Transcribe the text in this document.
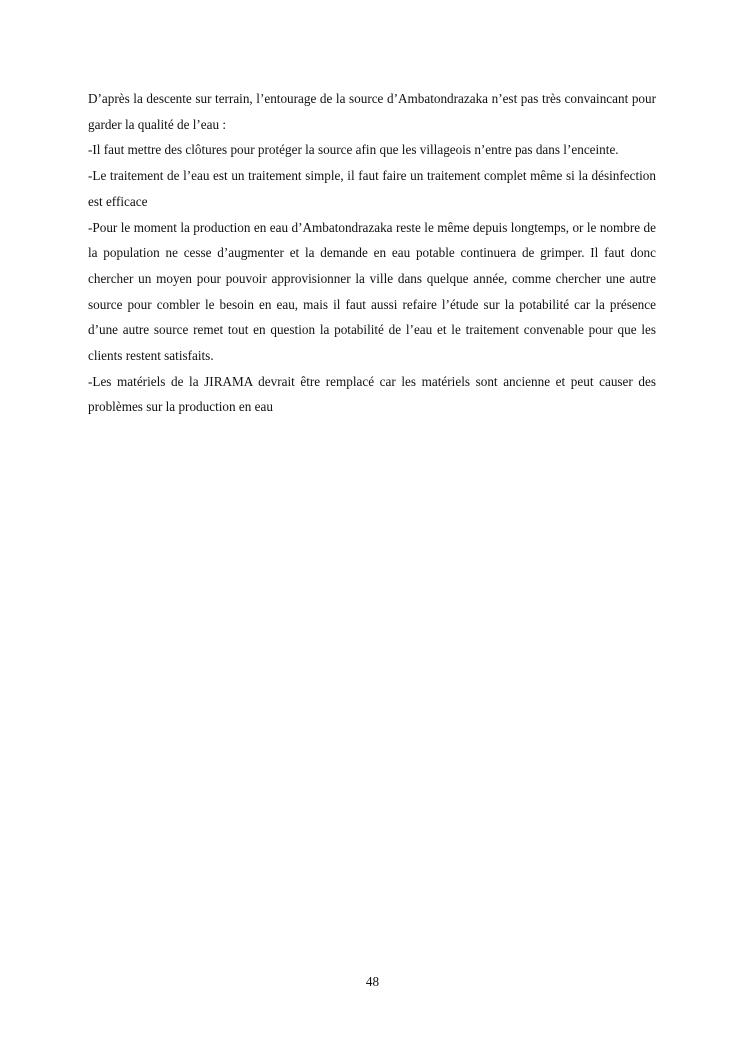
D’après la descente sur terrain, l’entourage de la source d’Ambatondrazaka n’est pas très convaincant pour garder la qualité de l’eau :

-Il faut mettre des clôtures pour protéger la source afin que les villageois n’entre pas dans l’enceinte.

-Le traitement de l’eau est un traitement simple, il faut faire un traitement complet même si la désinfection est efficace

-Pour le moment la production en eau d’Ambatondrazaka reste le même depuis longtemps, or le nombre de la population ne cesse d’augmenter et la demande en eau potable continuera de grimper. Il faut donc chercher un moyen pour pouvoir approvisionner la ville dans quelque année, comme chercher une autre source pour combler le besoin en eau, mais il faut aussi refaire l’étude sur la potabilité car la présence d’une autre source remet tout en question la potabilité de l’eau et le traitement convenable pour que les clients restent satisfaits.

-Les matériels de la JIRAMA devrait être remplacé car les matériels sont ancienne et peut causer des problèmes sur la production en eau

48
